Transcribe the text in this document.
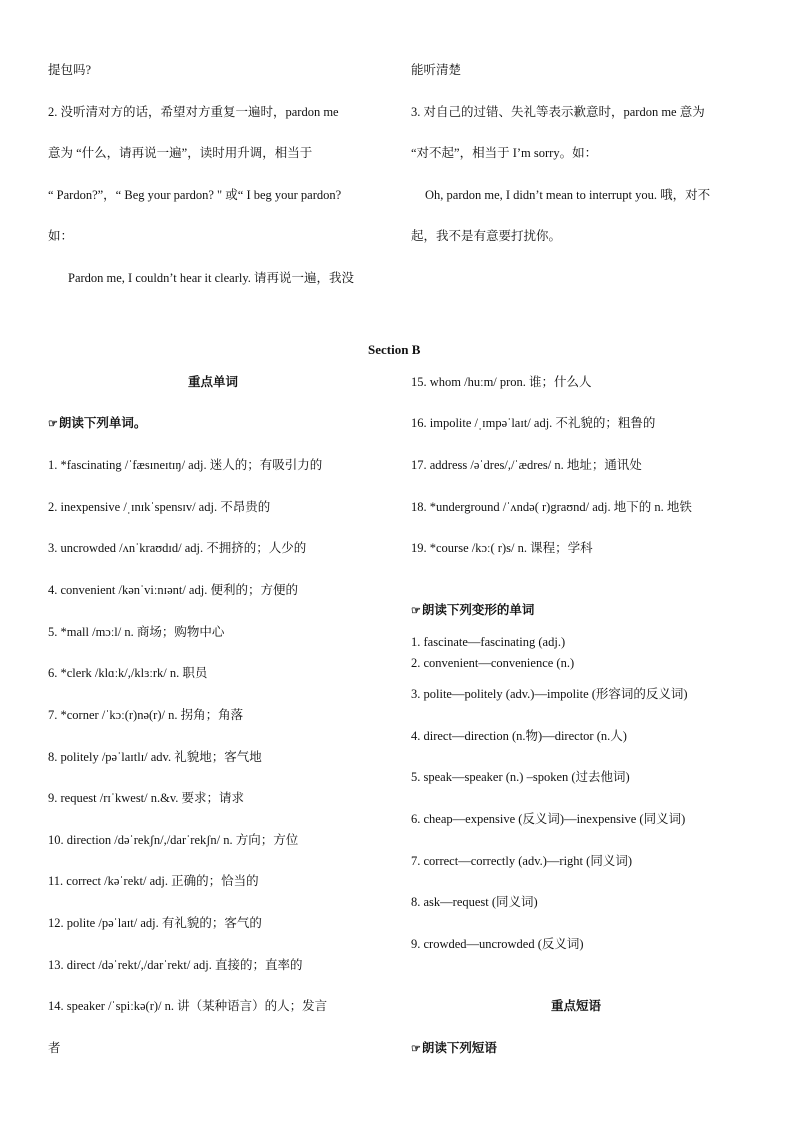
提包吗?
2. 没听清对方的话，希望对方重复一遍时，pardon me
意为 “什么，请再说一遍”，读时用升调，相当于
“ Pardon?”，“ Beg your pardon? " 或“ I beg your pardon?
如：
Pardon me, I couldn’t hear it clearly. 请再说一遍，我没
能听清楚
3. 对自己的过错、失礼等表示歉意时，pardon me 意为
“对不起”，相当于 I’m sorry。如：
Oh, pardon me, I didn’t mean to interrupt you. 哦，对不
起，我不是有意要打扰你。
Section B
重点单词
☞朗读下列单词。
1. *fascinating /ˈfæsɪneɪtɪŋ/ adj. 迷人的；有吸引力的
2. inexpensive /ˌɪnɪkˈspensɪv/ adj. 不昂贵的
3. uncrowded /ʌnˈkraʊdɪd/ adj. 不拥挤的；人少的
4. convenient /kənˈviːnɪənt/ adj. 便利的；方便的
5. *mall /mɔːl/ n. 商场；购物中心
6. *clerk /klɑːk/,/klɜːrk/ n. 职员
7. *corner /ˈkɔː(r)nə(r)/ n. 拐角；角落
8. politely /pəˈlaɪtlɪ/ adv. 礼貌地；客气地
9. request /rɪˈkwest/ n.&v. 要求；请求
10. direction /dəˈrekʃn/,/darˈrekʃn/ n. 方向；方位
11. correct /kəˈrekt/ adj. 正确的；恰当的
12. polite /pəˈlaɪt/ adj. 有礼貌的；客气的
13. direct /dəˈrekt/,/darˈrekt/ adj. 直接的；直率的
14. speaker /ˈspiːkə(r)/ n. 讲（某种语言）的人；发言
者
15. whom /huːm/ pron. 谁；什么人
16. impolite /ˌɪmpəˈlaɪt/ adj. 不礼貌的；粗鲁的
17. address /əˈdres/,/ˈædres/ n. 地址；通讯处
18. *underground /ˈʌndə( r)graʊnd/ adj. 地下的 n. 地铁
19. *course /kɔː( r)s/ n. 课程；学科
☞朗读下列变形的单词
1. fascinate—fascinating (adj.)
2. convenient—convenience (n.)
3. polite—politely (adv.)—impolite (形容词的反义词)
4. direct—direction (n.物)—director (n.人)
5. speak—speaker (n.) –spoken (过去他词)
6. cheap—expensive (反义词)—inexpensive (同义词)
7. correct—correctly (adv.)—right (同义词)
8. ask—request (同义词)
9. crowded—uncrowded (反义词)
重点短语
☞朗读下列短语
